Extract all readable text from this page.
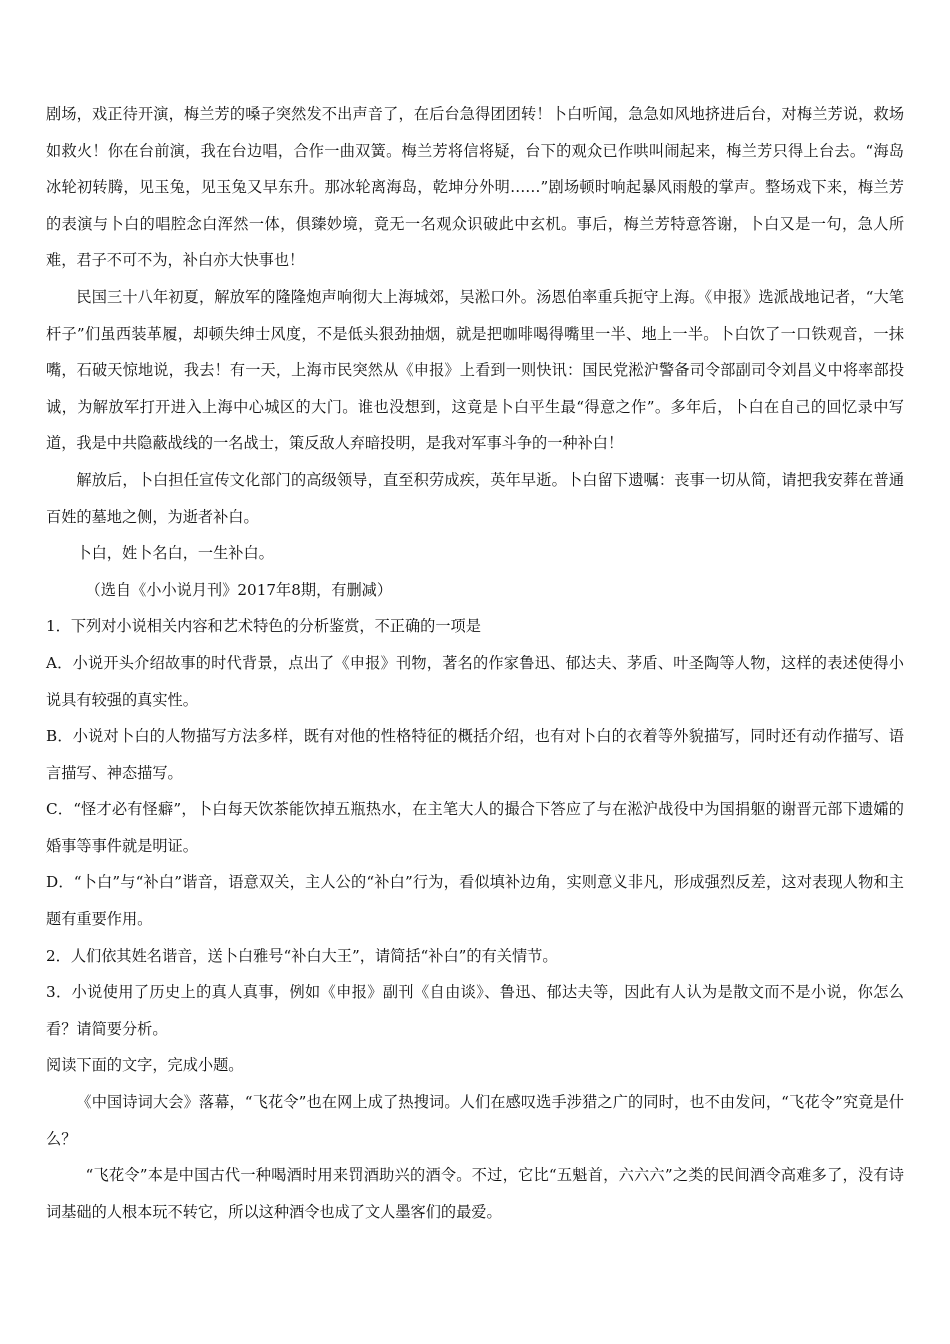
剧场，戏正待开演，梅兰芳的嗓子突然发不出声音了，在后台急得团团转！卜白听闻，急急如风地挤进后台，对梅兰芳说，救场如救火！你在台前演，我在台边唱，合作一曲双簧。梅兰芳将信将疑，台下的观众已作哄叫闹起来，梅兰芳只得上台去。“海岛冰轮初转腾，见玉兔，见玉兔又早东升。那冰轮离海岛，乾坤分外明……”剧场顿时响起暴风雨般的掌声。整场戏下来，梅兰芳的表演与卜白的唱腔念白浑然一体，俱臻妙境，竟无一名观众识破此中玄机。事后，梅兰芳特意答谢，卜白又是一句，急人所难，君子不可不为，补白亦大快事也！

民国三十八年初夏，解放军的隆隆炮声响彻大上海城郊，吴淞口外。汤恩伯率重兵扼守上海。《申报》选派战地记者，“大笔杆子”们虽西装革履，却顿失绅士风度，不是低头狠劲抽烟，就是把咖啡喝得嘴里一半、地上一半。卜白饮了一口铁观音，一抹嘴，石破天惊地说，我去！有一天，上海市民突然从《申报》上看到一则快讯：国民党淞沪警备司令部副司令刘昌义中将率部投诚，为解放军打开进入上海中心城区的大门。谁也没想到，这竟是卜白平生最“得意之作”。多年后，卜白在自己的回忆录中写道，我是中共隐蔽战线的一名战士，策反敌人弃暗投明，是我对军事斗争的一种补白！

解放后，卜白担任宣传文化部门的高级领导，直至积劳成疾，英年早逝。卜白留下遗嘱：丧事一切从简，请把我安葬在普通百姓的墓地之侧，为逝者补白。

卜白，姓卜名白，一生补白。

（选自《小小说月刊》2017年8期，有删减）

1．下列对小说相关内容和艺术特色的分析鉴赏，不正确的一项是

A．小说开头介绍故事的时代背景，点出了《申报》刊物，著名的作家鲁迅、郁达夫、茅盾、叶圣陶等人物，这样的表述使得小说具有较强的真实性。

B．小说对卜白的人物描写方法多样，既有对他的性格特征的概括介绍，也有对卜白的衣着等外貌描写，同时还有动作描写、语言描写、神态描写。

C．“怪才必有怪癖”，卜白每天饮茶能饮掉五瓶热水，在主笔大人的撮合下答应了与在淞沪战役中为国捐躯的谢晋元部下遗孀的婚事等事件就是明证。

D．“卜白”与“补白”谐音，语意双关，主人公的“补白”行为，看似填补边角，实则意义非凡，形成强烈反差，这对表现人物和主题有重要作用。

2．人们依其姓名谐音，送卜白雅号“补白大王”，请简括“补白”的有关情节。

3．小说使用了历史上的真人真事，例如《申报》副刊《自由谈》、鲁迅、郁达夫等，因此有人认为是散文而不是小说，你怎么看？请简要分析。

阅读下面的文字，完成小题。

《中国诗词大会》落幕，“飞花令”也在网上成了热搜词。人们在感叹选手涉猎之广的同时，也不由发问，“飞花令”究竟是什么？

“飞花令”本是中国古代一种喝酒时用来罚酒助兴的酒令。不过，它比“五魁首，六六六”之类的民间酒令高难多了，没有诗词基础的人根本玩不转它，所以这种酒令也成了文人墨客们的最爱。
